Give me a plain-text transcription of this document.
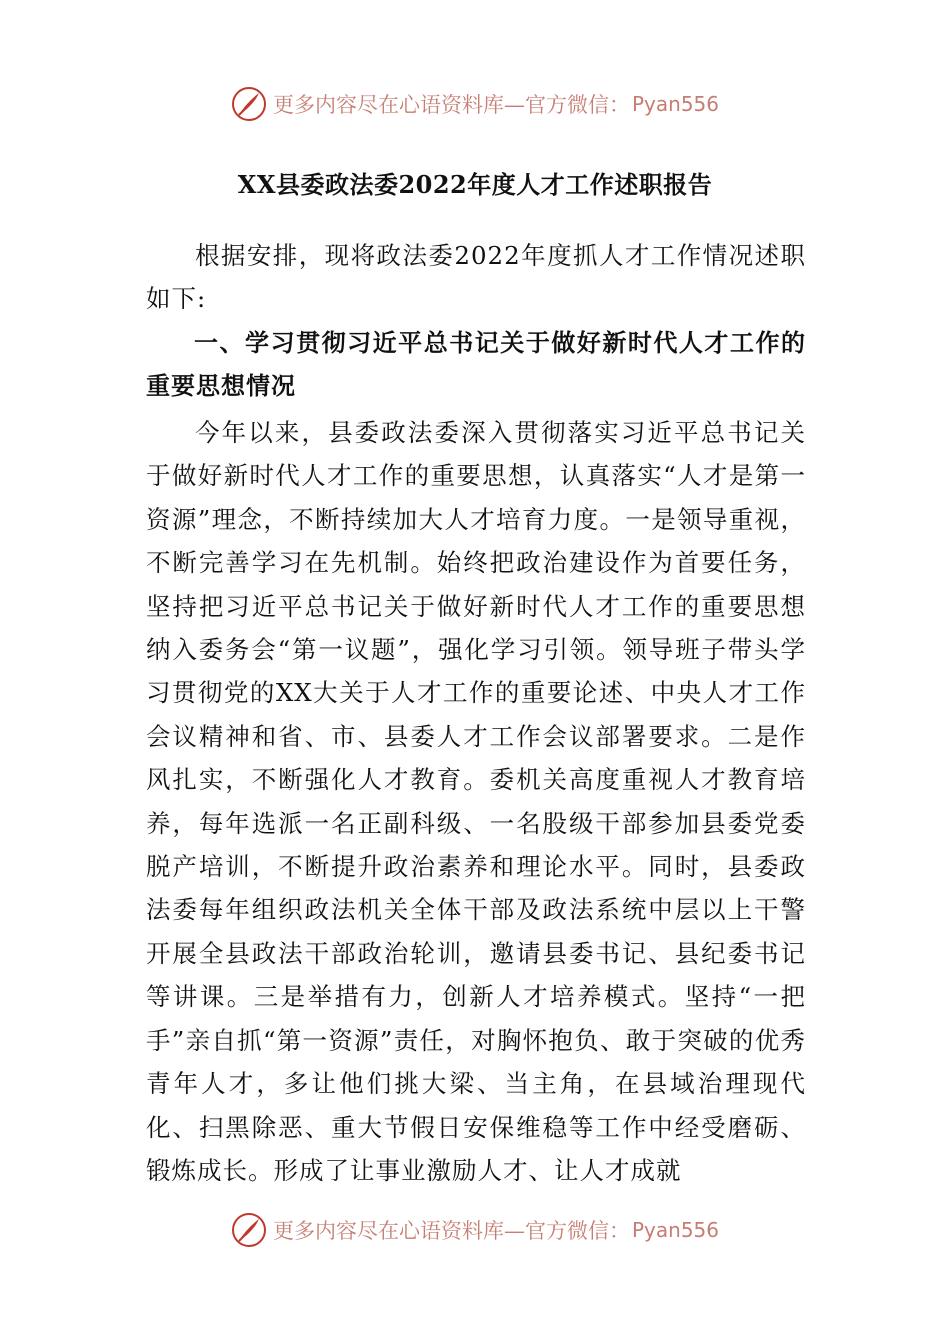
更多内容尽在心语资料库—官方微信： Pyan556
XX县委政法委2022年度人才工作述职报告

根据安排，现将政法委2022年度抓人才工作情况述职如下:

一、学习贯彻习近平总书记关于做好新时代人才工作的重要思想情况

今年以来，县委政法委深入贯彻落实习近平总书记关于做好新时代人才工作的重要思想，认真落实“人才是第一资源”理念，不断持续加大人才培育力度。一是领导重视，不断完善学习在先机制。始终把政治建设作为首要任务，坚持把习近平总书记关于做好新时代人才工作的重要思想纳入委务会“第一议题”，强化学习引领。领导班子带头学习贯彻党的XX大关于人才工作的重要论述、中央人才工作会议精神和省、市、县委人才工作会议部署要求。二是作风扎实，不断强化人才教育。委机关高度重视人才教育培养，每年选派一名正副科级、一名股级干部参加县委党委脱产培训，不断提升政治素养和理论水平。同时，县委政法委每年组织政法机关全体干部及政法系统中层以上干警开展全县政法干部政治轮训，邀请县委书记、县纪委书记等讲课。三是举措有力，创新人才培养模式。坚持“一把手”亲自抓“第一资源”责任，对胸怀抱负、敢于突破的优秀青年人才，多让他们挑大梁、当主角，在县域治理现代化、扫黑除恶、重大节假日安保维稳等工作中经受磨砺、锻炼成长。形成了让事业激励人才、让人才成就

更多内容尽在心语资料库—官方微信： Pyan556
